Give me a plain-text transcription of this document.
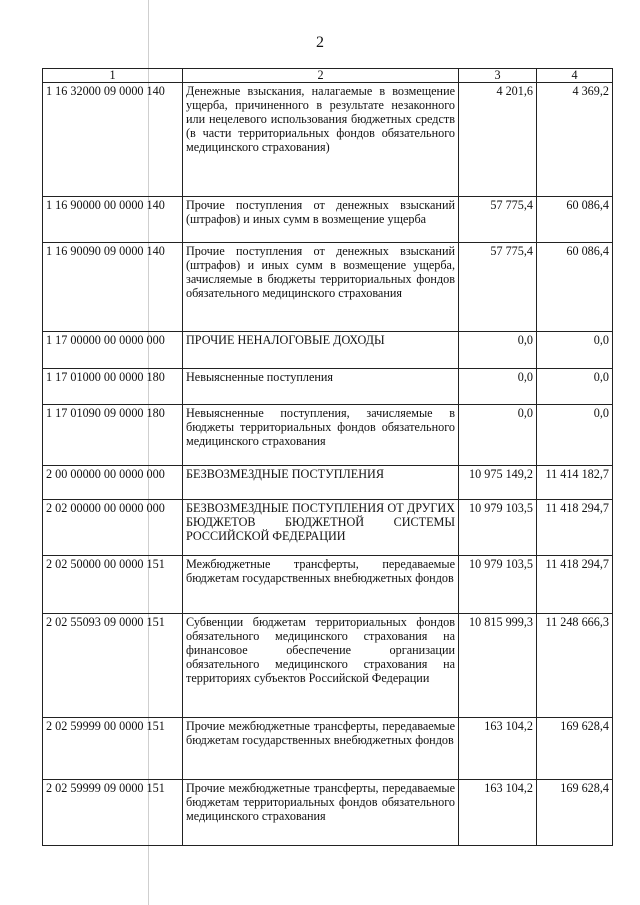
2
1	2	3	4
1 16 32000 09 0000 140	Денежные взыскания, налагаемые в возмещение ущерба, причиненного в результате незаконного или нецелевого использования бюджетных средств (в части территориальных фондов обязательного медицинского страхования)	4 201,6	4 369,2
1 16 90000 00 0000 140	Прочие поступления от денежных взысканий (штрафов) и иных сумм в возмещение ущерба	57 775,4	60 086,4
1 16 90090 09 0000 140	Прочие поступления от денежных взысканий (штрафов) и иных сумм в возмещение ущерба, зачисляемые в бюджеты территориальных фондов обязательного медицинского страхования	57 775,4	60 086,4
1 17 00000 00 0000 000	ПРОЧИЕ НЕНАЛОГОВЫЕ ДОХОДЫ	0,0	0,0
1 17 01000 00 0000 180	Невыясненные поступления	0,0	0,0
1 17 01090 09 0000 180	Невыясненные поступления, зачисляемые в бюджеты территориальных фондов обязательного медицинского страхования	0,0	0,0
2 00 00000 00 0000 000	БЕЗВОЗМЕЗДНЫЕ ПОСТУПЛЕНИЯ	10 975 149,2	11 414 182,7
2 02 00000 00 0000 000	БЕЗВОЗМЕЗДНЫЕ ПОСТУПЛЕНИЯ ОТ ДРУГИХ БЮДЖЕТОВ БЮДЖЕТНОЙ СИСТЕМЫ РОССИЙСКОЙ ФЕДЕРАЦИИ	10 979 103,5	11 418 294,7
2 02 50000 00 0000 151	Межбюджетные трансферты, передаваемые бюджетам государственных внебюджетных фондов	10 979 103,5	11 418 294,7
2 02 55093 09 0000 151	Субвенции бюджетам территориальных фондов обязательного медицинского страхования на финансовое обеспечение организации обязательного медицинского страхования на территориях субъектов Российской Федерации	10 815 999,3	11 248 666,3
2 02 59999 00 0000 151	Прочие межбюджетные трансферты, передаваемые бюджетам государственных внебюджетных фондов	163 104,2	169 628,4
2 02 59999 09 0000 151	Прочие межбюджетные трансферты, передаваемые бюджетам территориальных фондов обязательного медицинского страхования	163 104,2	169 628,4
